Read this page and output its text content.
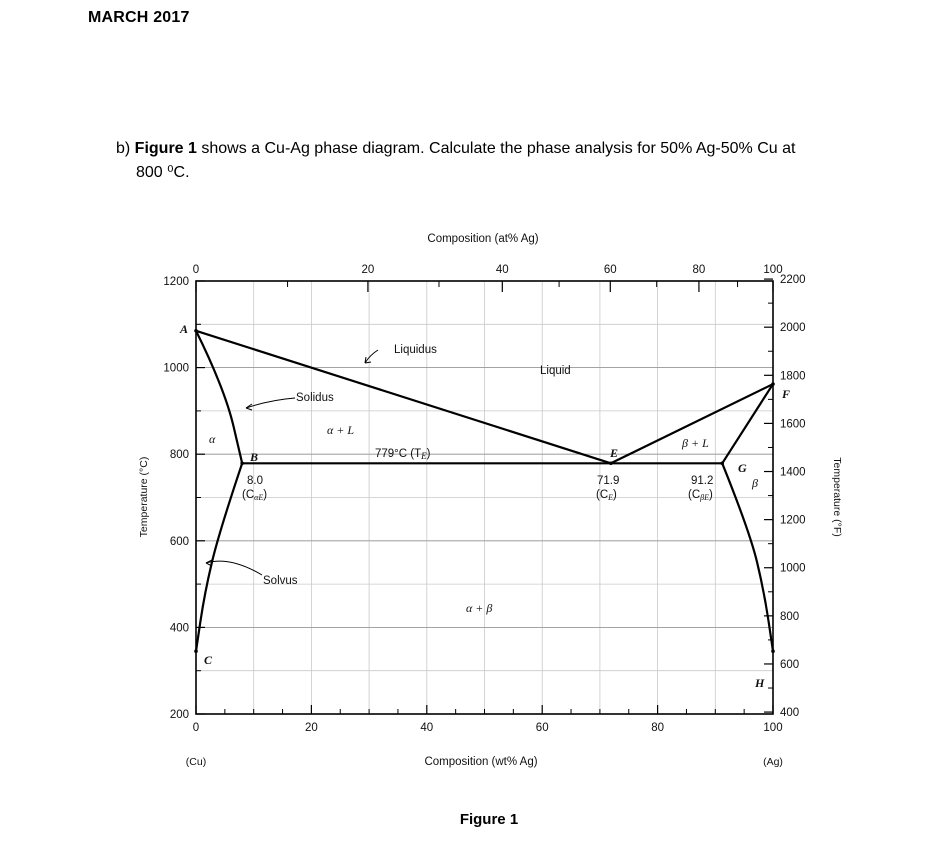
MARCH 2017
b) Figure 1 shows a Cu-Ag phase diagram. Calculate the phase analysis for 50% Ag-50% Cu at
800 ⁰C.
0	20	40	60	80	100
0	20	40	60	80	100
200
400
600
800
1000
1200
400
600
800
1000
1200
1400
1600
1800
2000
2200
Composition (at% Ag)
Composition (wt% Ag)
Temperature (°C)	Temperature (°F)
(Cu)	(Ag)
A
B
C
E
F
G
H
Liquid
α
β
α + L
β + L
α + β
779°C (TE)
8.0
(CαE)
71.9
(CE)
91.2
(CβE)
Liquidus
Solidus
Solvus
Figure 1
